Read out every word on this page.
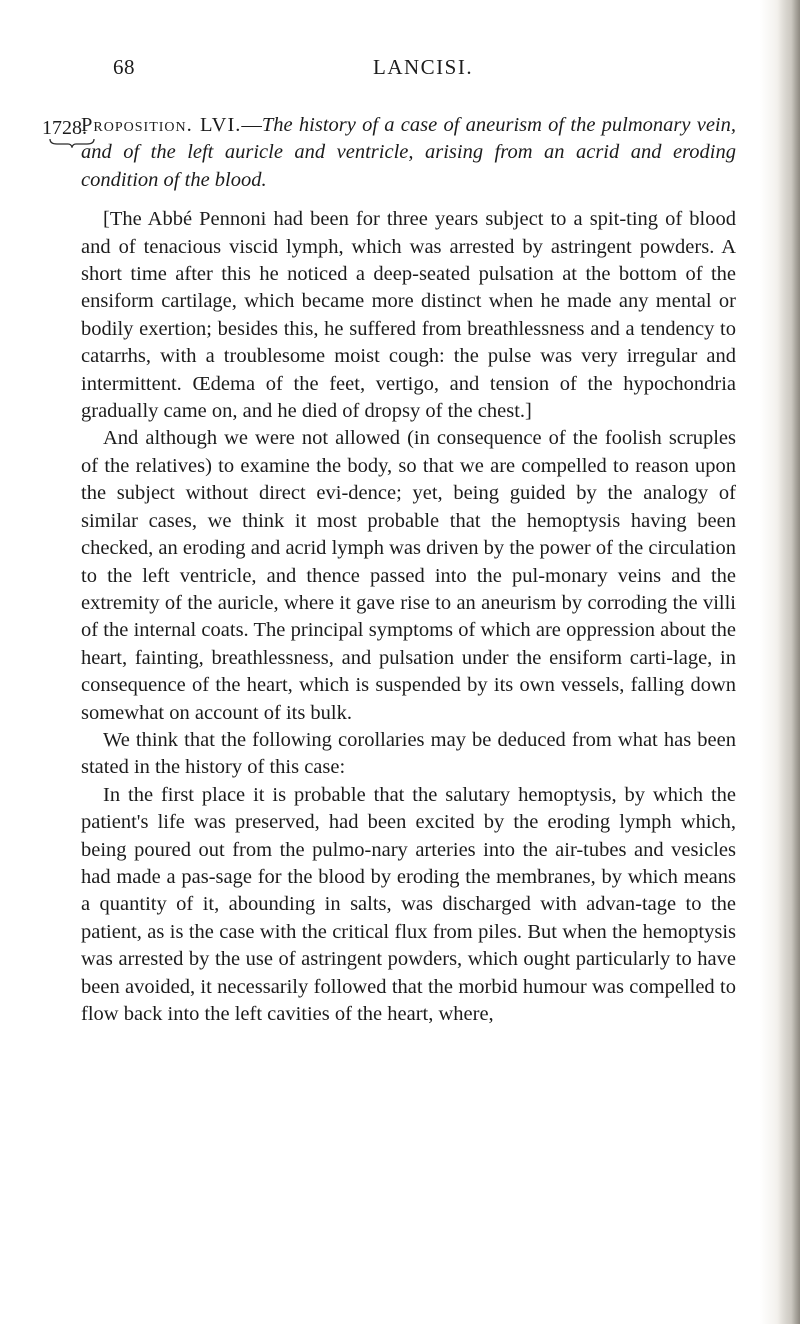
68	LANCISI.
1728.
Proposition. LVI.—The history of a case of aneurism of the pulmonary vein, and of the left auricle and ventricle, arising from an acrid and eroding condition of the blood.

[The Abbé Pennoni had been for three years subject to a spit-ting of blood and of tenacious viscid lymph, which was arrested by astringent powders. A short time after this he noticed a deep-seated pulsation at the bottom of the ensiform cartilage, which became more distinct when he made any mental or bodily exertion; besides this, he suffered from breathlessness and a tendency to catarrhs, with a troublesome moist cough: the pulse was very irregular and intermittent. Œdema of the feet, vertigo, and tension of the hypochondria gradually came on, and he died of dropsy of the chest.]

And although we were not allowed (in consequence of the foolish scruples of the relatives) to examine the body, so that we are compelled to reason upon the subject without direct evi-dence; yet, being guided by the analogy of similar cases, we think it most probable that the hemoptysis having been checked, an eroding and acrid lymph was driven by the power of the circulation to the left ventricle, and thence passed into the pul-monary veins and the extremity of the auricle, where it gave rise to an aneurism by corroding the villi of the internal coats. The principal symptoms of which are oppression about the heart, fainting, breathlessness, and pulsation under the ensiform carti-lage, in consequence of the heart, which is suspended by its own vessels, falling down somewhat on account of its bulk.

We think that the following corollaries may be deduced from what has been stated in the history of this case:

In the first place it is probable that the salutary hemoptysis, by which the patient's life was preserved, had been excited by the eroding lymph which, being poured out from the pulmo-nary arteries into the air-tubes and vesicles had made a pas-sage for the blood by eroding the membranes, by which means a quantity of it, abounding in salts, was discharged with advan-tage to the patient, as is the case with the critical flux from piles. But when the hemoptysis was arrested by the use of astringent powders, which ought particularly to have been avoided, it necessarily followed that the morbid humour was compelled to flow back into the left cavities of the heart, where,
